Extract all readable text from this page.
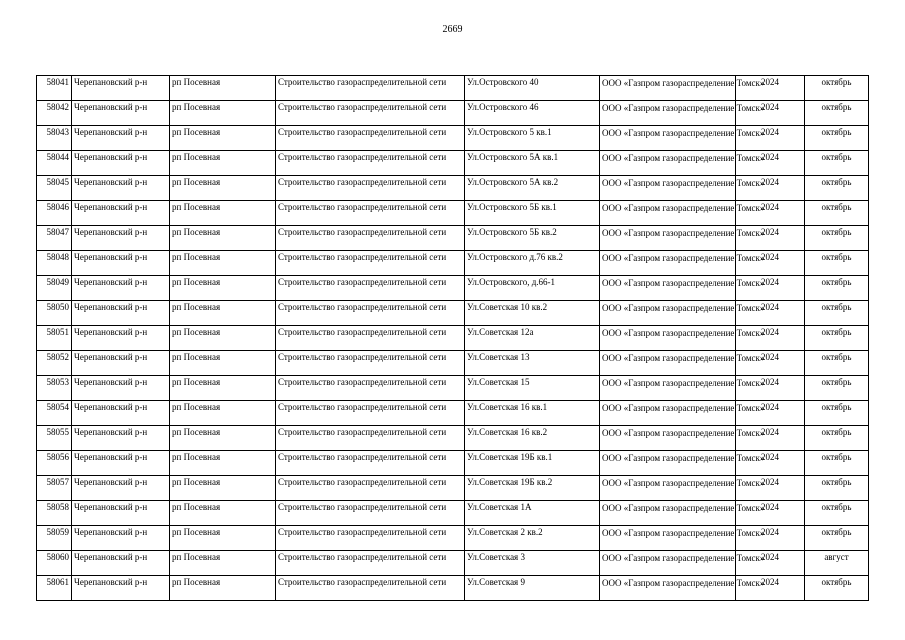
2669
58041	Черепановский р-н	рп Посевная	Строительство газораспределительной сети	Ул.Островского 40	ООО «Газпром газораспределение Томск»	2024	октябрь
58042	Черепановский р-н	рп Посевная	Строительство газораспределительной сети	Ул.Островского 46	ООО «Газпром газораспределение Томск»	2024	октябрь
58043	Черепановский р-н	рп Посевная	Строительство газораспределительной сети	Ул.Островского 5 кв.1	ООО «Газпром газораспределение Томск»	2024	октябрь
58044	Черепановский р-н	рп Посевная	Строительство газораспределительной сети	Ул.Островского 5А кв.1	ООО «Газпром газораспределение Томск»	2024	октябрь
58045	Черепановский р-н	рп Посевная	Строительство газораспределительной сети	Ул.Островского 5А кв.2	ООО «Газпром газораспределение Томск»	2024	октябрь
58046	Черепановский р-н	рп Посевная	Строительство газораспределительной сети	Ул.Островского 5Б кв.1	ООО «Газпром газораспределение Томск»	2024	октябрь
58047	Черепановский р-н	рп Посевная	Строительство газораспределительной сети	Ул.Островского 5Б кв.2	ООО «Газпром газораспределение Томск»	2024	октябрь
58048	Черепановский р-н	рп Посевная	Строительство газораспределительной сети	Ул.Островского д.76 кв.2	ООО «Газпром газораспределение Томск»	2024	октябрь
58049	Черепановский р-н	рп Посевная	Строительство газораспределительной сети	Ул.Островского, д.66-1	ООО «Газпром газораспределение Томск»	2024	октябрь
58050	Черепановский р-н	рп Посевная	Строительство газораспределительной сети	Ул.Советская 10 кв.2	ООО «Газпром газораспределение Томск»	2024	октябрь
58051	Черепановский р-н	рп Посевная	Строительство газораспределительной сети	Ул.Советская 12а	ООО «Газпром газораспределение Томск»	2024	октябрь
58052	Черепановский р-н	рп Посевная	Строительство газораспределительной сети	Ул.Советская 13	ООО «Газпром газораспределение Томск»	2024	октябрь
58053	Черепановский р-н	рп Посевная	Строительство газораспределительной сети	Ул.Советская 15	ООО «Газпром газораспределение Томск»	2024	октябрь
58054	Черепановский р-н	рп Посевная	Строительство газораспределительной сети	Ул.Советская 16 кв.1	ООО «Газпром газораспределение Томск»	2024	октябрь
58055	Черепановский р-н	рп Посевная	Строительство газораспределительной сети	Ул.Советская 16 кв.2	ООО «Газпром газораспределение Томск»	2024	октябрь
58056	Черепановский р-н	рп Посевная	Строительство газораспределительной сети	Ул.Советская 19Б кв.1	ООО «Газпром газораспределение Томск»	2024	октябрь
58057	Черепановский р-н	рп Посевная	Строительство газораспределительной сети	Ул.Советская 19Б кв.2	ООО «Газпром газораспределение Томск»	2024	октябрь
58058	Черепановский р-н	рп Посевная	Строительство газораспределительной сети	Ул.Советская 1А	ООО «Газпром газораспределение Томск»	2024	октябрь
58059	Черепановский р-н	рп Посевная	Строительство газораспределительной сети	Ул.Советская 2 кв.2	ООО «Газпром газораспределение Томск»	2024	октябрь
58060	Черепановский р-н	рп Посевная	Строительство газораспределительной сети	Ул.Советская 3	ООО «Газпром газораспределение Томск»	2024	август
58061	Черепановский р-н	рп Посевная	Строительство газораспределительной сети	Ул.Советская 9	ООО «Газпром газораспределение Томск»	2024	октябрь
